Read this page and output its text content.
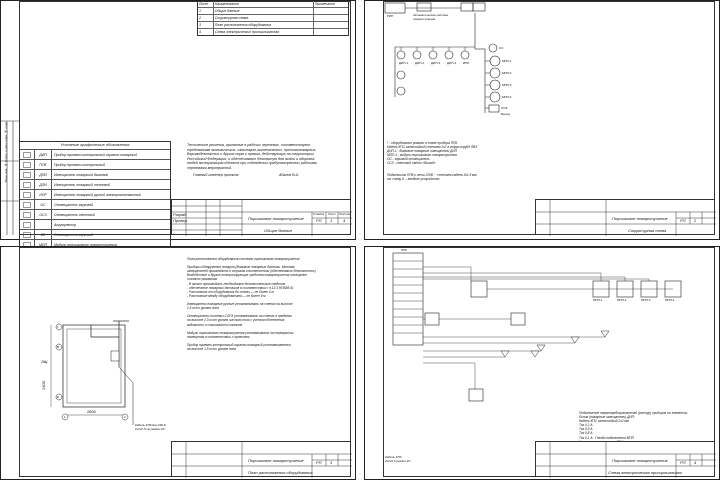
Взам. инв. № | Подп. и дата | Инв. № подл.
Лист	Наименование	Примечание
1	Общие данные
2	Структурная схема
3	План расположения оборудования
4	Схема электрических принципиальная
Условные графические обозначения
ДИП	Прибор приемно-контрольный охранно-пожарный
ППК	Прибор приемно-контрольный
ДПИ	Извещатель пожарный дымовой
ДПИ	Извещатель пожарный тепловой
ИПР	Извещатель пожарный ручной электроконтактный
ОС	Оповещатель звуковой
ОСЗ	Оповещатель световой
Аккумулятор
БЗ	Оповещатель звуковой
МПП	Модуль порошкового пожаротушения
Технические решения, принятые в рабочих чертежах, соответствуют
требованиям экологических, санитарно-гигиенических, противопожарных,
Взрывобезопасных и других норм и правил, действующих на территории.
Российской Федерации, и обеспечивают безопасную для жизни и здоровья
людей эксплуатацию объекта при соблюдении предусмотренных рабочими
чертежами мероприятий.
Главный инженер проекта	Абалов В.А.
Разраб.
Провер.	Порошковое пожаротушение
Общие данные
Стадия Лист Листов
РП 1	4
РИП	Автоматическая система пожаротушения
ДИП-1 ДИП-2 ДИП-3 ДИП-4 ИПР	МПП-1
МПП-2
МПП-3
МПП-4
ОСЗ
ОС
Выход
* - оборудование указано в схеме прибора ППК
Кабель КПС огнестойкий сечением 2х2 в гофро-трубе ПВХ
ДИП-1 - дымовые пожарные извещатели ДИП
МПП-1 - модули порошкового пожаротушения
ОС - звуковой оповещатель
ОСЗ - световой табло «Выход»
Подключить ППК к сети 220В, ~ сечением кабеля 3х1.5 мм
см. схему 6 -- вводное устройство
Порошковое пожаротушение
Структурная схема
РП 2
Г
В
Б
1	2
ЭЩ
2800
2400
Кабель КПСЭнг-FRLS
2х2х0,5 см раздел КС
План расположения оборудования системы порошкового пожаротушения

Приборы обнаружения пожаров (дымовые пожарные датчики. Монтаж
извещателей производить в строгом соответствии (обеспечивать безопасность)
Воздействие и другие контролирующие средства пожаротушения оснащение
согласно указаниям
- В запасе производить необходимые дополнительные сведения
- обеспечение пожарных датчиков в соответствии с п.13.3 НПБ88-01
- Расстояние от оборудования до стены — не более 4 м
- Расстояние между оборудованием — не более 9 м

Извещатели пожарные ручные устанавливать на стенах на высоте
1,5 м от уровня пола

Оповещатели системы СОУЭ устанавливать на стенах в пределах
на высоте 2,3 м от уровня чистого пола с учетом обеспечения
видимости и слышимости сигналов

Модуль порошкового пожаротушения устанавливать на перекрытии
помещения в соответствии с проектом

Прибор приемно-контрольный охранно-пожарный устанавливается
на высоте 1,5 м от уровня пола
Порошковое пожаротушение
План расположения оборудования
РП 3
ППК
МПП-1	МПП-2	МПП-3	МПП-4
Подключение термопредохранителей (контур) приборов на элементы.
Линия (пожарные извещатели) ДИП.
Кабель КПС огнестойкий 2х2 мм
Ток 0,2 А
Ток 0,5 А
Ток 0,8 А
Ток 0,1 А - Гнезда подключения МПП

Кабель КПС
2х2х0,5 раздел КС	Порошковое пожаротушение
Схема электрическая принципиальная
РП 4
